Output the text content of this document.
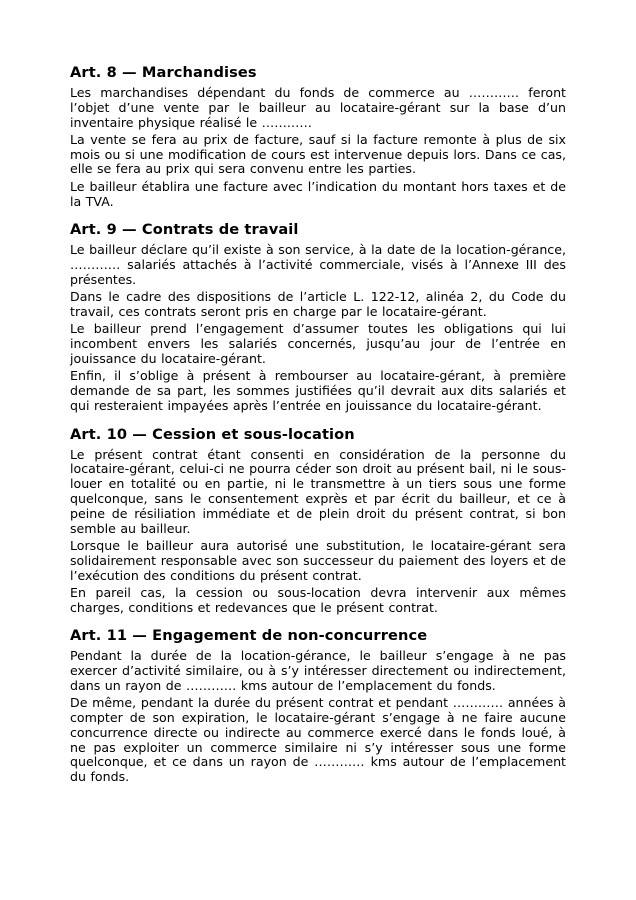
Art. 8 — Marchandises

Les marchandises dépendant du fonds de commerce au ………… feront l’objet d’une vente par le bailleur au locataire-gérant sur la base d’un inventaire physique réalisé le …………

La vente se fera au prix de facture, sauf si la facture remonte à plus de six mois ou si une modification de cours est intervenue depuis lors. Dans ce cas, elle se fera au prix qui sera convenu entre les parties.

Le bailleur établira une facture avec l’indication du montant hors taxes et de la TVA.

Art. 9 — Contrats de travail

Le bailleur déclare qu’il existe à son service, à la date de la location-gérance, ………… salariés attachés à l’activité commerciale, visés à l’Annexe III des présentes.

Dans le cadre des dispositions de l’article L. 122-12, alinéa 2, du Code du travail, ces contrats seront pris en charge par le locataire-gérant.

Le bailleur prend l’engagement d’assumer toutes les obligations qui lui incombent envers les salariés concernés, jusqu’au jour de l’entrée en jouissance du locataire-gérant.

Enfin, il s’oblige à présent à rembourser au locataire-gérant, à première demande de sa part, les sommes justifiées qu’il devrait aux dits salariés et qui resteraient impayées après l’entrée en jouissance du locataire-gérant.

Art. 10 — Cession et sous-location

Le présent contrat étant consenti en considération de la personne du locataire-gérant, celui-ci ne pourra céder son droit au présent bail, ni le sous-louer en totalité ou en partie, ni le transmettre à un tiers sous une forme quelconque, sans le consentement exprès et par écrit du bailleur, et ce à peine de résiliation immédiate et de plein droit du présent contrat, si bon semble au bailleur.

Lorsque le bailleur aura autorisé une substitution, le locataire-gérant sera solidairement responsable avec son successeur du paiement des loyers et de l’exécution des conditions du présent contrat.

En pareil cas, la cession ou sous-location devra intervenir aux mêmes charges, conditions et redevances que le présent contrat.

Art. 11 — Engagement de non-concurrence

Pendant la durée de la location-gérance, le bailleur s’engage à ne pas exercer d’activité similaire, ou à s’y intéresser directement ou indirectement, dans un rayon de ………… kms autour de l’emplacement du fonds.

De même, pendant la durée du présent contrat et pendant ………… années à compter de son expiration, le locataire-gérant s’engage à ne faire aucune concurrence directe ou indirecte au commerce exercé dans le fonds loué, à ne pas exploiter un commerce similaire ni s’y intéresser sous une forme quelconque, et ce dans un rayon de ………… kms autour de l’emplacement du fonds.
